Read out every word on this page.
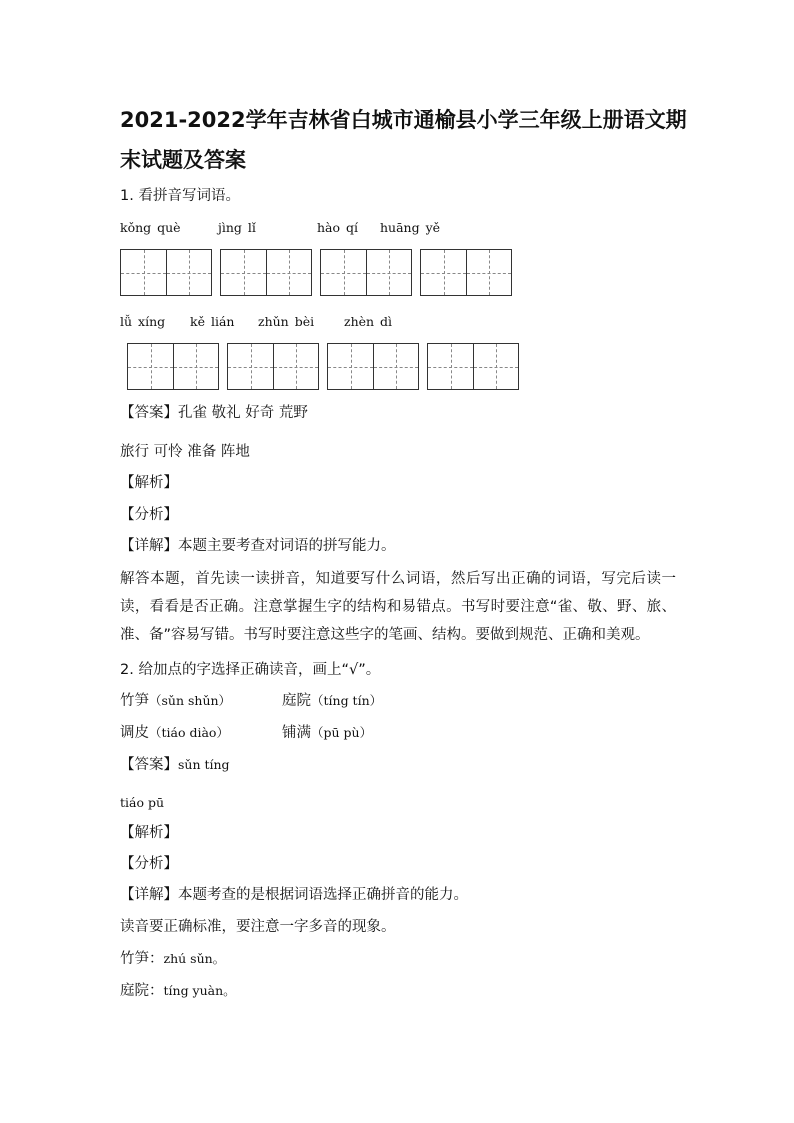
2021-2022学年吉林省白城市通榆县小学三年级上册语文期末试题及答案
1. 看拼音写词语。
kǒng què	jìng lǐ	hào qí huāng yě
lǚ xíng kě lián zhǔn bèi zhèn dì
【答案】孔雀 敬礼 好奇 荒野
旅行 可怜 准备 阵地
【解析】
【分析】
【详解】本题主要考查对词语的拼写能力。
解答本题，首先读一读拼音，知道要写什么词语，然后写出正确的词语，写完后读一读，看看是否正确。注意掌握生字的结构和易错点。书写时要注意“雀、敬、野、旅、准、备”容易写错。书写时要注意这些字的笔画、结构。要做到规范、正确和美观。
2. 给加点的字选择正确读音，画上“√”。
竹笋（sǔn shǔn）	庭院（tíng tín）
调皮（tiáo diào）	铺满（pū pù）
【答案】sǔn tíng
tiáo pū
【解析】
【分析】
【详解】本题考查的是根据词语选择正确拼音的能力。
读音要正确标准，要注意一字多音的现象。
竹笋：zhú sǔn。
庭院：tíng yuàn。
